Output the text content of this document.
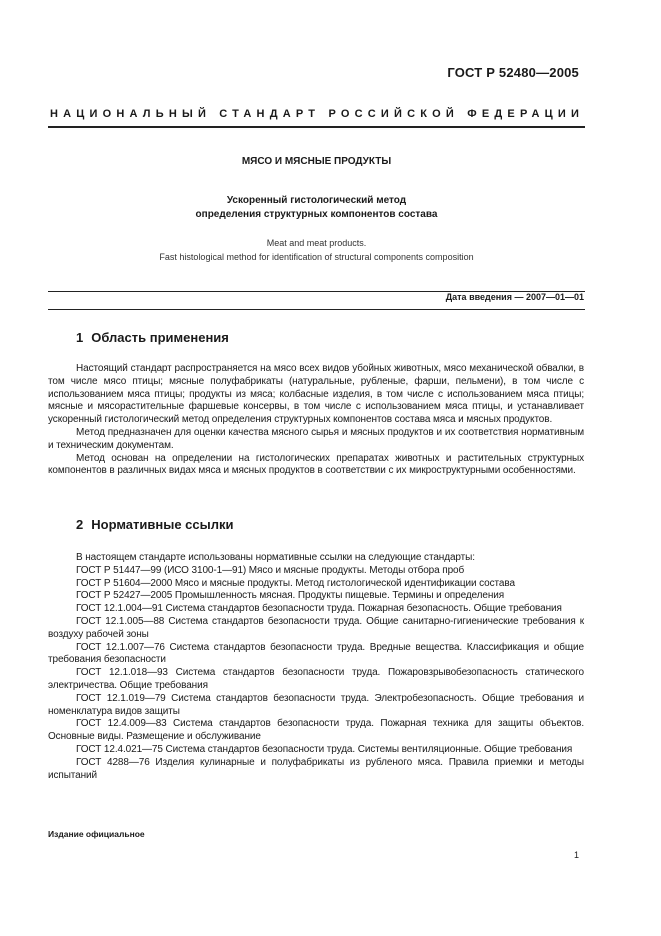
ГОСТ Р 52480—2005
НАЦИОНАЛЬНЫЙ СТАНДАРТ РОССИЙСКОЙ ФЕДЕРАЦИИ
МЯСО И МЯСНЫЕ ПРОДУКТЫ
Ускоренный гистологический метод
определения структурных компонентов состава
Meat and meat products.
Fast histological method for identification of structural components composition
Дата введения — 2007—01—01
1 Область применения

Настоящий стандарт распространяется на мясо всех видов убойных животных, мясо механической обвалки, в том числе мясо птицы; мясные полуфабрикаты (натуральные, рубленые, фарши, пельмени), в том числе с использованием мяса птицы; продукты из мяса; колбасные изделия, в том числе с использованием мяса птицы; мясные и мясорастительные фаршевые консервы, в том числе с использованием мяса птицы, и устанавливает ускоренный гистологический метод определения структурных компонентов состава мяса и мясных продуктов.

Метод предназначен для оценки качества мясного сырья и мясных продуктов и их соответствия нормативным и техническим документам.

Метод основан на определении на гистологических препаратах животных и растительных структурных компонентов в различных видах мяса и мясных продуктов в соответствии с их микроструктурными особенностями.

2 Нормативные ссылки

В настоящем стандарте использованы нормативные ссылки на следующие стандарты:

ГОСТ Р 51447—99 (ИСО 3100-1—91) Мясо и мясные продукты. Методы отбора проб

ГОСТ Р 51604—2000 Мясо и мясные продукты. Метод гистологической идентификации состава

ГОСТ Р 52427—2005 Промышленность мясная. Продукты пищевые. Термины и определения

ГОСТ 12.1.004—91 Система стандартов безопасности труда. Пожарная безопасность. Общие требования

ГОСТ 12.1.005—88 Система стандартов безопасности труда. Общие санитарно-гигиенические требования к воздуху рабочей зоны

ГОСТ 12.1.007—76 Система стандартов безопасности труда. Вредные вещества. Классификация и общие требования безопасности

ГОСТ 12.1.018—93 Система стандартов безопасности труда. Пожаровзрывобезопасность статического электричества. Общие требования

ГОСТ 12.1.019—79 Система стандартов безопасности труда. Электробезопасность. Общие требования и номенклатура видов защиты

ГОСТ 12.4.009—83 Система стандартов безопасности труда. Пожарная техника для защиты объектов. Основные виды. Размещение и обслуживание

ГОСТ 12.4.021—75 Система стандартов безопасности труда. Системы вентиляционные. Общие требования

ГОСТ 4288—76 Изделия кулинарные и полуфабрикаты из рубленого мяса. Правила приемки и методы испытаний

Издание официальное
1
